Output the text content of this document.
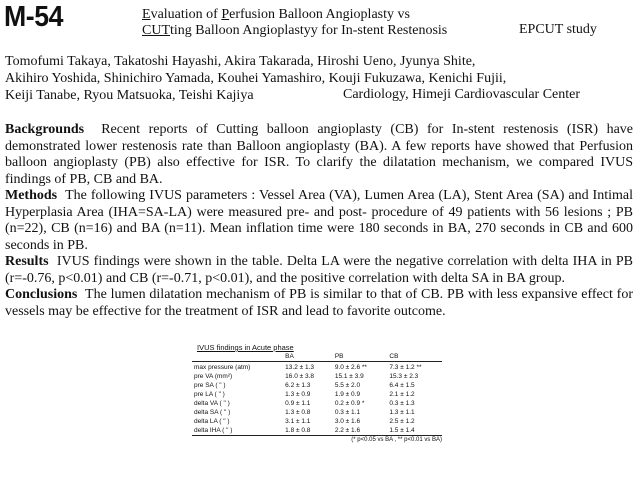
M-54	Evaluation of Perfusion Balloon Angioplasty vs
CUTting Balloon Angioplastyy for In-stent Restenosis	EPCUT study
Tomofumi Takaya, Takatoshi Hayashi, Akira Takarada, Hiroshi Ueno, Jyunya Shite,
Akihiro Yoshida, Shinichiro Yamada, Kouhei Yamashiro, Kouji Fukuzawa, Kenichi Fujii,
Keiji Tanabe, Ryou Matsuoka, Teishi Kajiya	Cardiology, Himeji Cardiovascular Center

Backgrounds Recent reports of Cutting balloon angioplasty (CB) for In-stent restenosis (ISR) have demonstrated lower restenosis rate than Balloon angioplasty (BA). A few reports have showed that Perfusion balloon angioplasty (PB) also effective for ISR. To clarify the dilatation mechanism, we compared IVUS findings of PB, CB and BA.

Methods The following IVUS parameters : Vessel Area (VA), Lumen Area (LA), Stent Area (SA) and Intimal Hyperplasia Area (IHA=SA-LA) were measured pre- and post- procedure of 49 patients with 56 lesions ; PB (n=22), CB (n=16) and BA (n=11). Mean inflation time were 180 seconds in BA, 270 seconds in CB and 600 seconds in PB.

Results IVUS findings were shown in the table. Delta LA were the negative correlation with delta IHA in PB (r=-0.76, p<0.01) and CB (r=-0.71, p<0.01), and the positive correlation with delta SA in BA group.

Conclusions The lumen dilatation mechanism of PB is similar to that of CB. PB with less expansive effect for vessels may be effective for the treatment of ISR and lead to favorite outcome.

IVUS findings in Acute phase
	BA	PB	CB
max pressure (atm)	13.2 ± 1.3	9.0 ± 2.6 **	7.3 ± 1.2 **
pre VA (mm²)	16.0 ± 3.8	15.1 ± 3.9	15.3 ± 2.3
pre SA ( " )	6.2 ± 1.3	5.5 ± 2.0	6.4 ± 1.5
pre LA ( " )	1.3 ± 0.9	1.9 ± 0.9	2.1 ± 1.2
delta VA ( " )	0.9 ± 1.1	0.2 ± 0.9 *	0.3 ± 1.3
delta SA ( " )	1.3 ± 0.8	0.3 ± 1.1	1.3 ± 1.1
delta LA ( " )	3.1 ± 1.1	3.0 ± 1.6	2.5 ± 1.2
delta IHA ( " )	1.8 ± 0.8	2.2 ± 1.6	1.5 ± 1.4
(* p<0.05 vs BA , ** p<0.01 vs BA)
